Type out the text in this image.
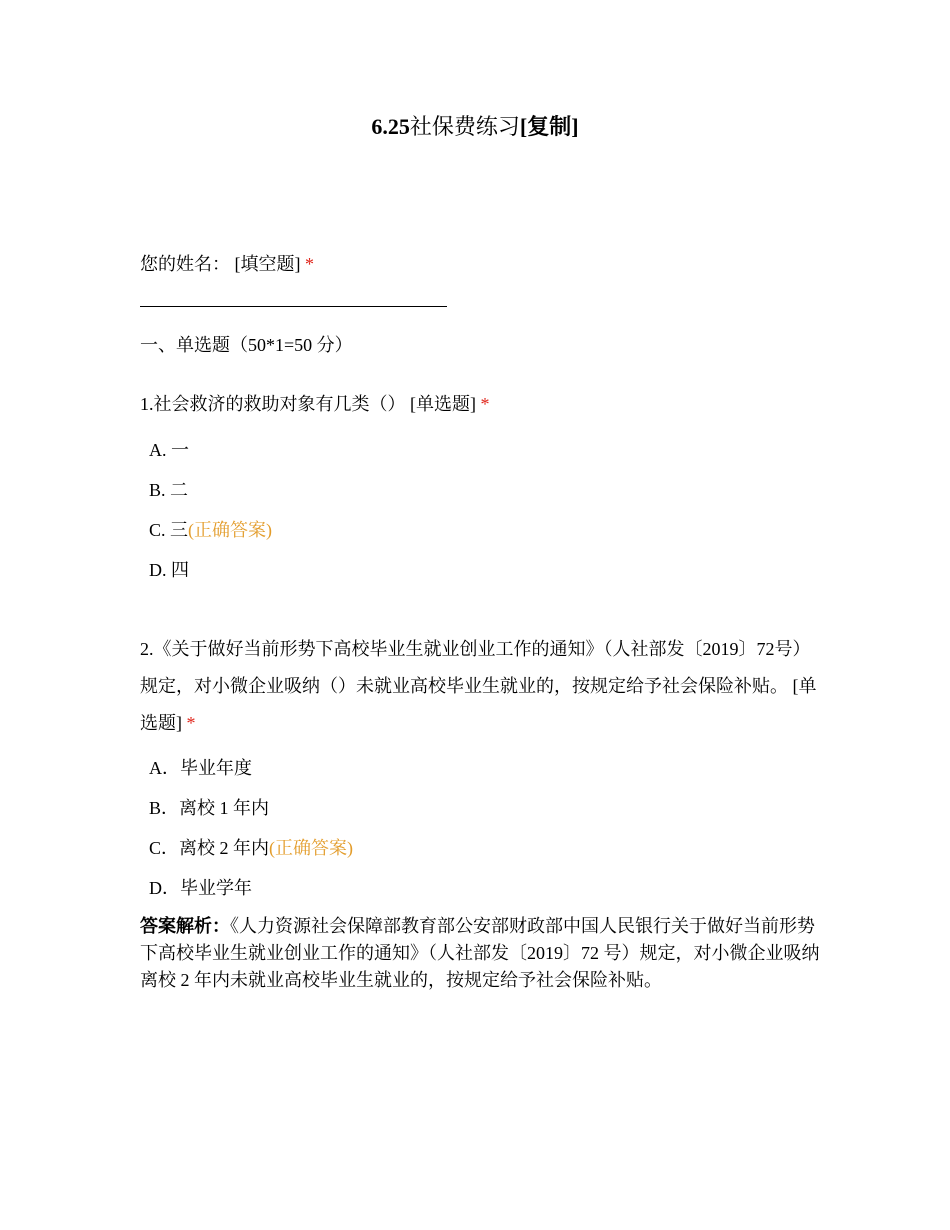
6.25社保费练习[复制]
您的姓名： [填空题] *
一、单选题（50*1=50 分）
1.社会救济的救助对象有几类（） [单选题] *
A. 一
B. 二
C. 三(正确答案)
D. 四
2.《关于做好当前形势下高校毕业生就业创业工作的通知》（人社部发〔2019〕72号）规定，对小微企业吸纳（）未就业高校毕业生就业的，按规定给予社会保险补贴。 [单选题] *
A．毕业年度
B．离校 1 年内
C．离校 2 年内(正确答案)
D．毕业学年
答案解析：《人力资源社会保障部教育部公安部财政部中国人民银行关于做好当前形势下高校毕业生就业创业工作的通知》（人社部发〔2019〕72 号）规定，对小微企业吸纳离校 2 年内未就业高校毕业生就业的，按规定给予社会保险补贴。
